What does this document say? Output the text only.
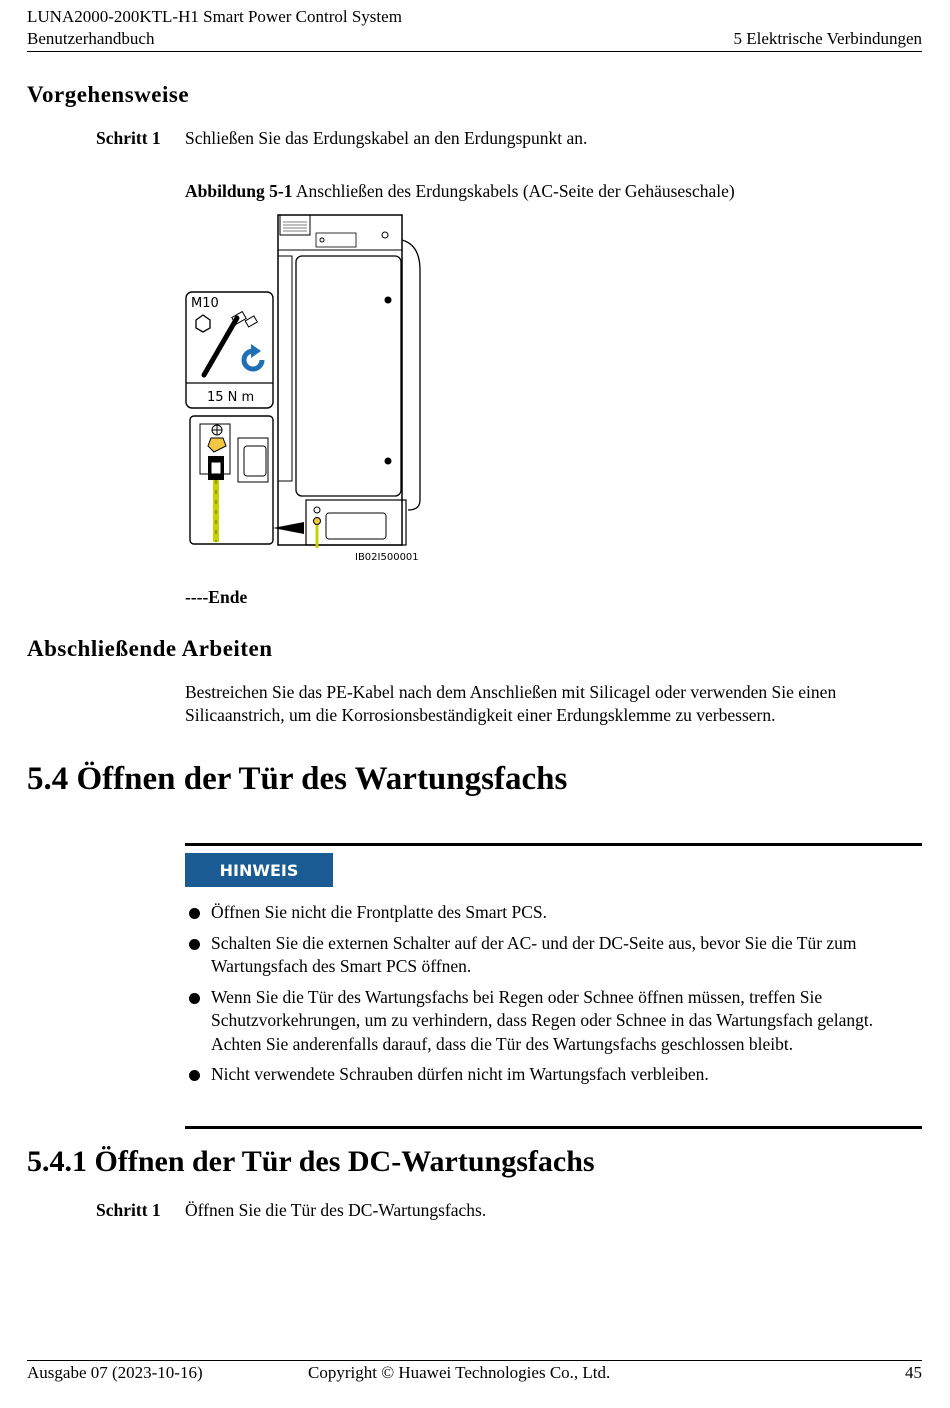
LUNA2000-200KTL-H1 Smart Power Control System
Benutzerhandbuch	5 Elektrische Verbindungen
Vorgehensweise
Schritt 1 Schließen Sie das Erdungskabel an den Erdungspunkt an.
Abbildung 5-1 Anschließen des Erdungskabels (AC-Seite der Gehäuseschale)
M10
15 N m
IB02I500001
----Ende
Abschließende Arbeiten
Bestreichen Sie das PE-Kabel nach dem Anschließen mit Silicagel oder verwenden Sie einen
Silicaanstrich, um die Korrosionsbeständigkeit einer Erdungsklemme zu verbessern.
5.4 Öffnen der Tür des Wartungsfachs
HINWEIS
Öffnen Sie nicht die Frontplatte des Smart PCS.
Schalten Sie die externen Schalter auf der AC- und der DC-Seite aus, bevor Sie die Tür zum Wartungsfach des Smart PCS öffnen.
Wenn Sie die Tür des Wartungsfachs bei Regen oder Schnee öffnen müssen, treffen Sie Schutzvorkehrungen, um zu verhindern, dass Regen oder Schnee in das Wartungsfach gelangt. Achten Sie anderenfalls darauf, dass die Tür des Wartungsfachs geschlossen bleibt.
Nicht verwendete Schrauben dürfen nicht im Wartungsfach verbleiben.
5.4.1 Öffnen der Tür des DC-Wartungsfachs
Schritt 1 Öffnen Sie die Tür des DC-Wartungsfachs.
Ausgabe 07 (2023-10-16)	Copyright © Huawei Technologies Co., Ltd.	45
